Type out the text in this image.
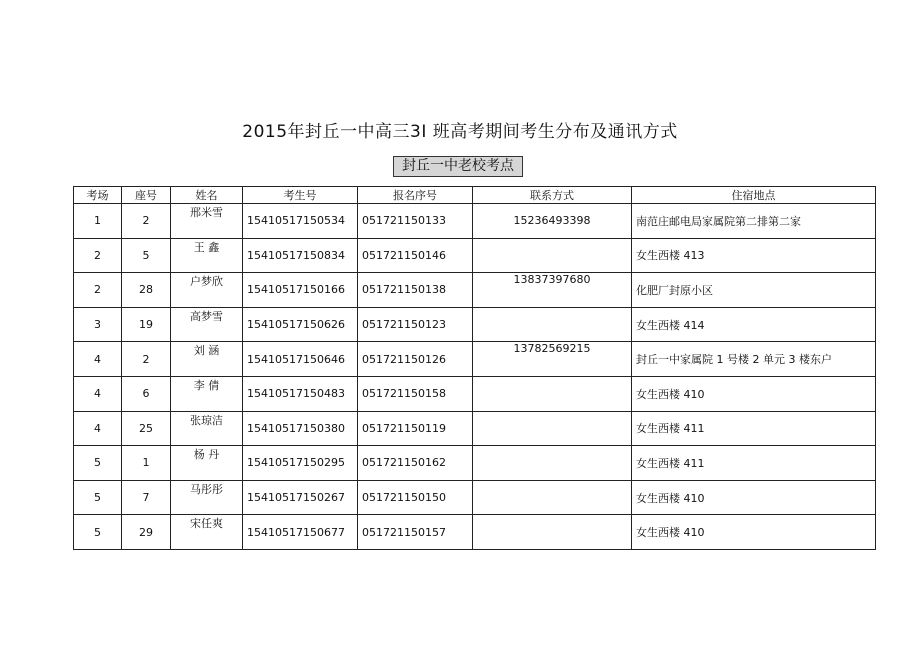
2015年封丘一中高三3Ⅰ 班高考期间考生分布及通讯方式
封丘一中老校考点
考场	座号	姓名	考生号	报名序号	联系方式	住宿地点
1	2	邢米雪	15410517150534	051721150133	15236493398	南范庄邮电局家属院第二排第二家
2	5	王 鑫	15410517150834	051721150146		女生西楼 413
2	28	户梦欣	15410517150166	051721150138	13837397680	化肥厂封原小区
3	19	高梦雪	15410517150626	051721150123		女生西楼 414
4	2	刘 涵	15410517150646	051721150126	13782569215	封丘一中家属院 1 号楼 2 单元 3 楼东户
4	6	李 倩	15410517150483	051721150158		女生西楼 410
4	25	张琼洁	15410517150380	051721150119		女生西楼 411
5	1	杨 丹	15410517150295	051721150162		女生西楼 411
5	7	马彤彤	15410517150267	051721150150		女生西楼 410
5	29	宋任爽	15410517150677	051721150157		女生西楼 410
